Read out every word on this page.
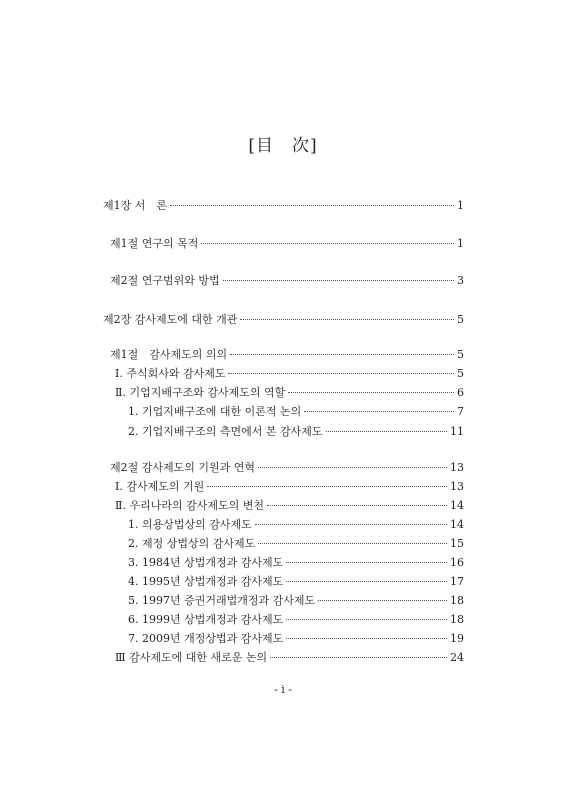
[目　次]
제1장 서　론	1
제1절 연구의 목적	1
제2절 연구범위와 방법	3
제2장 감사제도에 대한 개관	5
제1절　감사제도의 의의	5
Ⅰ. 주식회사와 감사제도	5
Ⅱ. 기업지배구조와 감사제도의 역할	6
1. 기업지배구조에 대한 이론적 논의	7
2. 기업지배구조의 측면에서 본 감사제도	11
제2절 감사제도의 기원과 연혁	13
Ⅰ. 감사제도의 기원	13
Ⅱ. 우리나라의 감사제도의 변천	14
1. 의용상법상의 감사제도	14
2. 제정 상법상의 감사제도	15
3. 1984년 상법개정과 감사제도	16
4. 1995년 상법개정과 감사제도	17
5. 1997년 증권거래법개정과 감사제도	18
6. 1999년 상법개정과 감사제도	18
7. 2009년 개정상법과 감사제도	19
Ⅲ 감사제도에 대한 새로운 논의	24
- i -
